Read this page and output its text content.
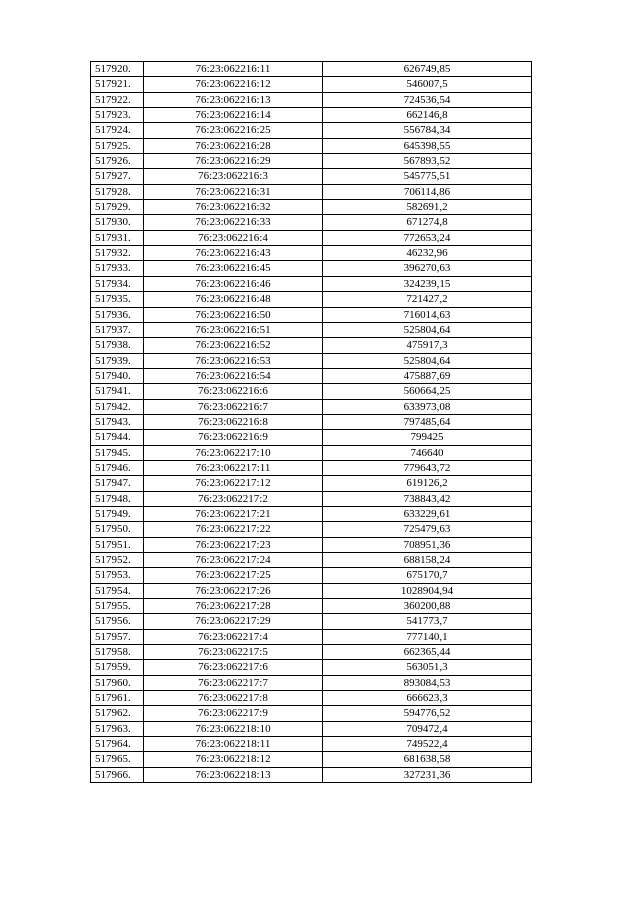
517920.	76:23:062216:11	626749,85
517921.	76:23:062216:12	546007,5
517922.	76:23:062216:13	724536,54
517923.	76:23:062216:14	662146,8
517924.	76:23:062216:25	556784,34
517925.	76:23:062216:28	645398,55
517926.	76:23:062216:29	567893,52
517927.	76:23:062216:3	545775,51
517928.	76:23:062216:31	706114,86
517929.	76:23:062216:32	582691,2
517930.	76:23:062216:33	671274,8
517931.	76:23:062216:4	772653,24
517932.	76:23:062216:43	46232,96
517933.	76:23:062216:45	396270,63
517934.	76:23:062216:46	324239,15
517935.	76:23:062216:48	721427,2
517936.	76:23:062216:50	716014,63
517937.	76:23:062216:51	525804,64
517938.	76:23:062216:52	475917,3
517939.	76:23:062216:53	525804,64
517940.	76:23:062216:54	475887,69
517941.	76:23:062216:6	560664,25
517942.	76:23:062216:7	633973,08
517943.	76:23:062216:8	797485,64
517944.	76:23:062216:9	799425
517945.	76:23:062217:10	746640
517946.	76:23:062217:11	779643,72
517947.	76:23:062217:12	619126,2
517948.	76:23:062217:2	738843,42
517949.	76:23:062217:21	633229,61
517950.	76:23:062217:22	725479,63
517951.	76:23:062217:23	708951,36
517952.	76:23:062217:24	688158,24
517953.	76:23:062217:25	675170,7
517954.	76:23:062217:26	1028904,94
517955.	76:23:062217:28	360200,88
517956.	76:23:062217:29	541773,7
517957.	76:23:062217:4	777140,1
517958.	76:23:062217:5	662365,44
517959.	76:23:062217:6	563051,3
517960.	76:23:062217:7	893084,53
517961.	76:23:062217:8	666623,3
517962.	76:23:062217:9	594776,52
517963.	76:23:062218:10	709472,4
517964.	76:23:062218:11	749522,4
517965.	76:23:062218:12	681638,58
517966.	76:23:062218:13	327231,36
